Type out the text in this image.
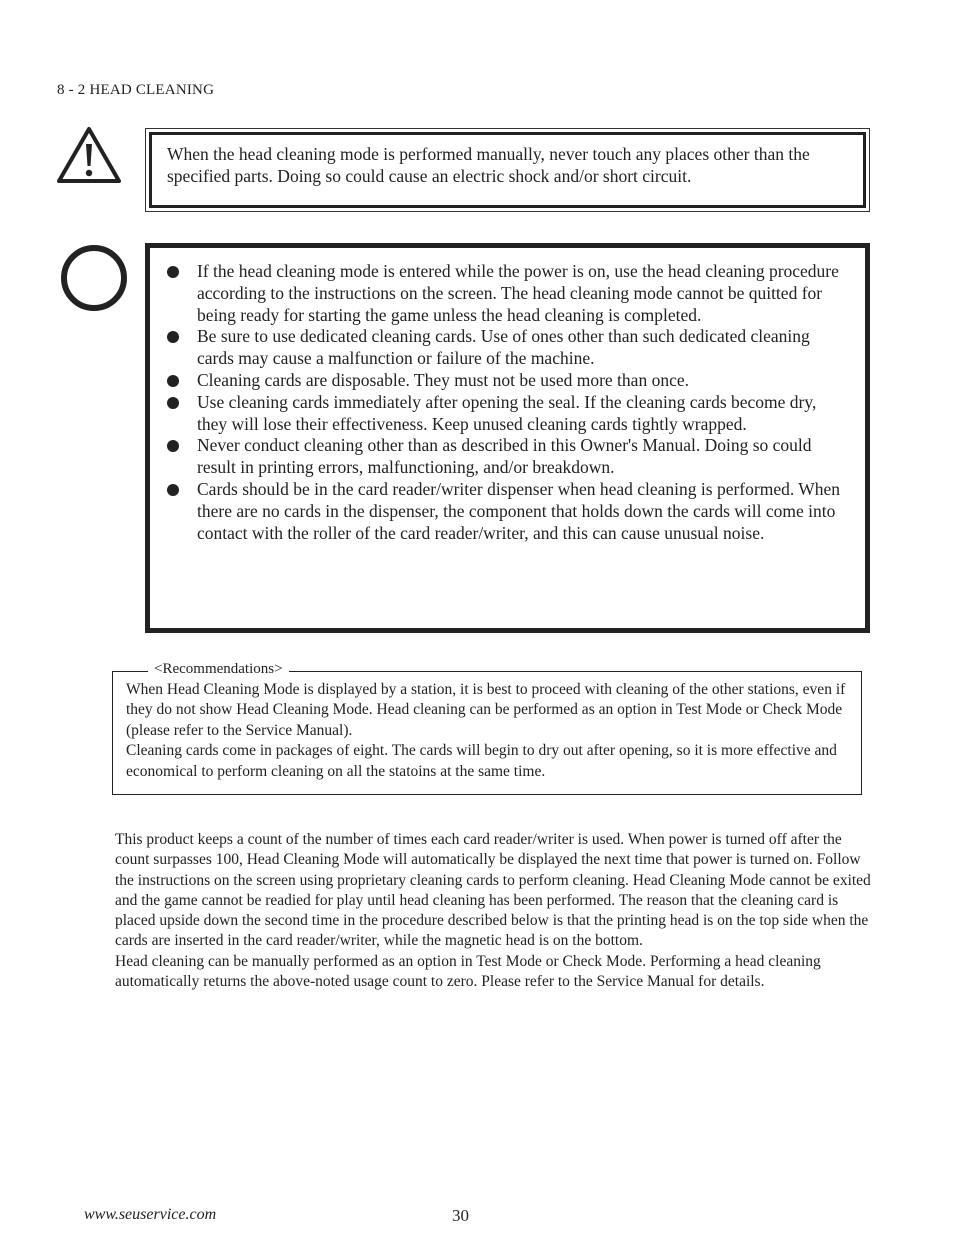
8 - 2 HEAD CLEANING
When the head cleaning mode is performed manually, never touch any places other than the specified parts. Doing so could cause an electric shock and/or short circuit.
If the head cleaning mode is entered while the power is on, use the head cleaning procedure according to the instructions on the screen. The head cleaning mode cannot be quitted for being ready for starting the game unless the head cleaning is completed.
Be sure to use dedicated cleaning cards. Use of ones other than such dedicated cleaning cards may cause a malfunction or failure of the machine.
Cleaning cards are disposable. They must not be used more than once.
Use cleaning cards immediately after opening the seal. If the cleaning cards become dry, they will lose their effectiveness. Keep unused cleaning cards tightly wrapped.
Never conduct cleaning other than as described in this Owner's Manual. Doing so could result in printing errors, malfunctioning, and/or breakdown.
Cards should be in the card reader/writer dispenser when head cleaning is performed. When there are no cards in the dispenser, the component that holds down the cards will come into contact with the roller of the card reader/writer, and this can cause unusual noise.
<Recommendations>
When Head Cleaning Mode is displayed by a station, it is best to proceed with cleaning of the other stations, even if they do not show Head Cleaning Mode. Head cleaning can be performed as an option in Test Mode or Check Mode (please refer to the Service Manual).
Cleaning cards come in packages of eight. The cards will begin to dry out after opening, so it is more effective and economical to perform cleaning on all the statoins at the same time.
This product keeps a count of the number of times each card reader/writer is used. When power is turned off after the count surpasses 100, Head Cleaning Mode will automatically be displayed the next time that power is turned on. Follow the instructions on the screen using proprietary cleaning cards to perform cleaning. Head Cleaning Mode cannot be exited and the game cannot be readied for play until head cleaning has been performed. The reason that the cleaning card is placed upside down the second time in the procedure described below is that the printing head is on the top side when the cards are inserted in the card reader/writer, while the magnetic head is on the bottom.
Head cleaning can be manually performed as an option in Test Mode or Check Mode. Performing a head cleaning automatically returns the above-noted usage count to zero. Please refer to the Service Manual for details.
www.seuservice.com	30
